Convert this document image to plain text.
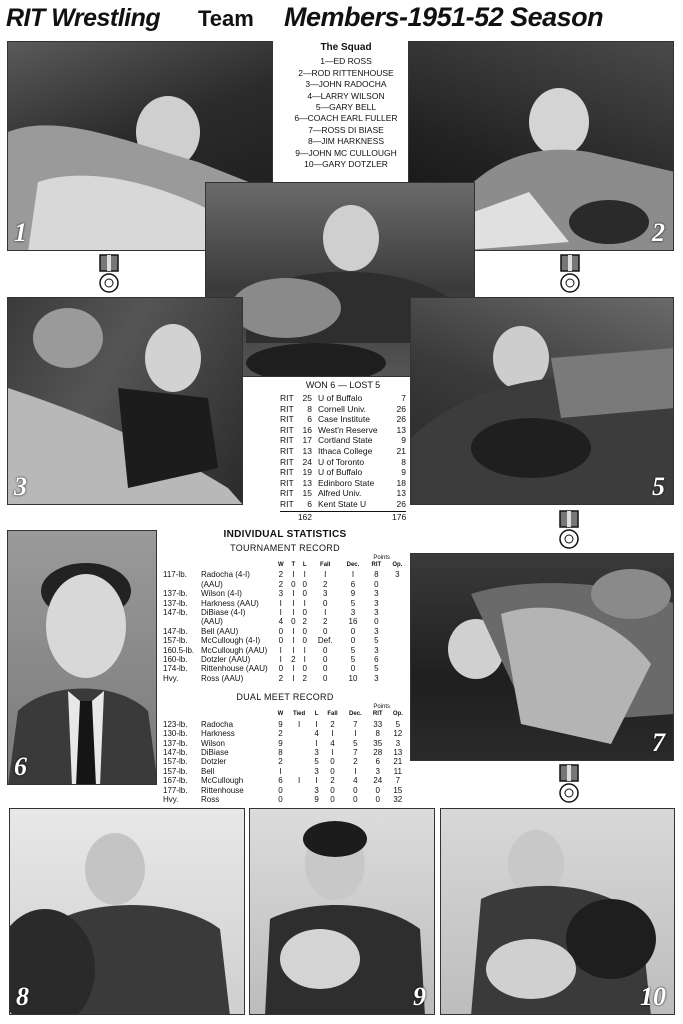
RIT Wrestling Team Members-1951-52 Season
1
The Squad
1—ED ROSS
2—ROD RITTENHOUSE
3—JOHN RADOCHA
4—LARRY WILSON
5—GARY BELL
6—COACH EARL FULLER
7—ROSS DI BIASE
8—JIM HARKNESS
9—JOHN MC CULLOUGH
10—GARY DOTZLER
2
3
WON 6 — LOST 5
RIT	25 U of Buffalo	7
RIT	8 Cornell Univ.	26
RIT	6 Case Institute	26
RIT	16 West'n Reserve	13
RIT	17 Cortland State	9
RIT	13 Ithaca College	21
RIT	24 U of Toronto	8
RIT	19 U of Buffalo	9
RIT	13 Edinboro State	18
RIT	15 Alfred Univ.	13
RIT	6 Kent State U	26
162	176
5
6
INDIVIDUAL STATISTICS
TOURNAMENT RECORD
Points
		W	T	L	Fall	Dec.	RIT	Op.
117-lb.	Radocha (4-I)	2	I	I	I	I	8	3
	(AAU)	2	0	0	2	6	0	
137-lb.	Wilson (4-I)	3	I	0	3	9	3	
137-lb.	Harkness (AAU)	I	I	I	0	5	3	
147-lb.	DiBiase (4-I)	I	I	0	I	3	3	
	(AAU)	4	0	2	2	16	0	
147-lb.	Bell (AAU)	0	I	0	0	0	3	
157-lb.	McCullough (4-I)	0	I	0	Def.	0	5	
160.5-lb.	McCullough (AAU)	I	I	I	0	5	3	
160-lb.	Dotzler (AAU)	I	2	I	0	5	6	
174-lb.	Rittenhouse (AAU)	0	I	0	0	0	5	
Hvy.	Ross (AAU)	2	I	2	0	10	3	
DUAL MEET RECORD
Points
		W	Tied	L	Fall	Dec.	RIT	Op.
123-lb.	Radocha	9	I	I	2	7	33	5
130-lb.	Harkness	2		4	I	I	8	12
137-lb.	Wilson	9		I	4	5	35	3
147-lb.	DiBiase	8		3	I	7	28	13
157-lb.	Dotzler	2		5	0	2	6	21
157-lb.	Bell	I		3	0	I	3	11
167-lb.	McCullough	6	I	I	2	4	24	7
177-lb.	Rittenhouse	0		3	0	0	0	15
Hvy.	Ross	0		9	0	0	0	32
7
8	9	10
